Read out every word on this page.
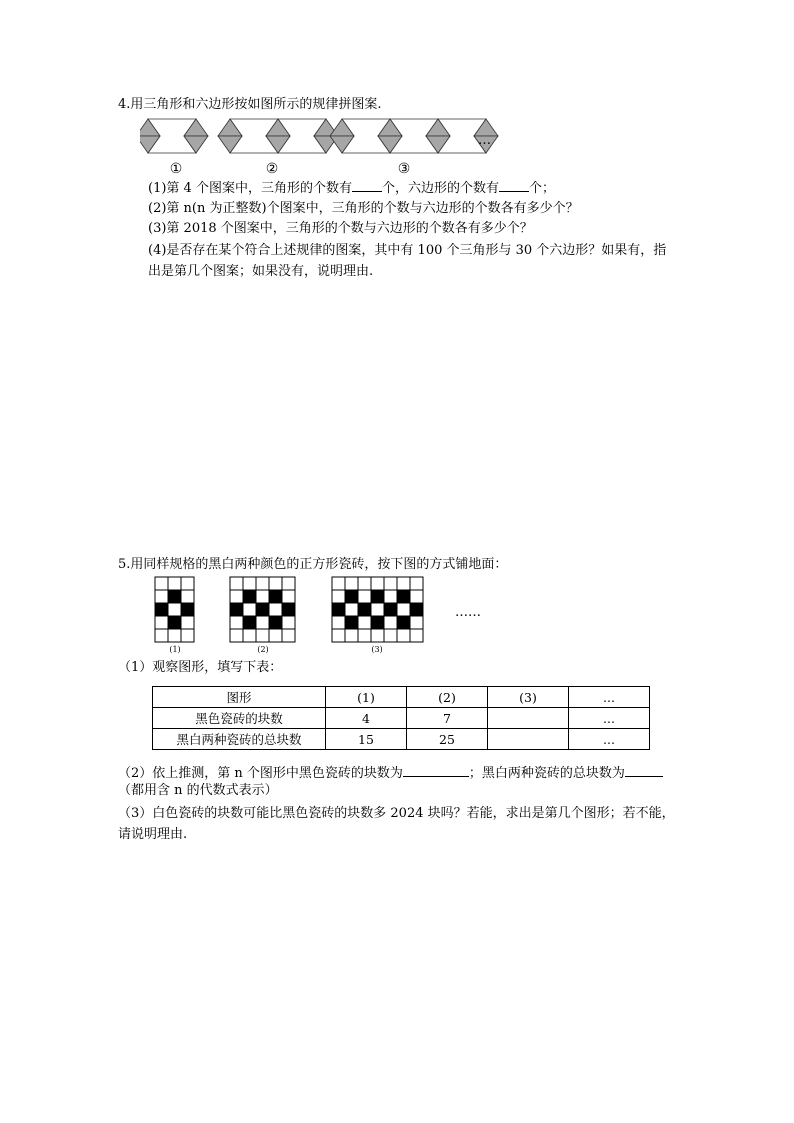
4.用三角形和六边形按如图所示的规律拼图案.
①	②	③
…
(1)第 4 个图案中，三角形的个数有 个，六边形的个数有 个；
(2)第 n(n 为正整数)个图案中，三角形的个数与六边形的个数各有多少个？
(3)第 2018 个图案中，三角形的个数与六边形的个数各有多少个？
(4)是否存在某个符合上述规律的图案，其中有 100 个三角形与 30 个六边形？如果有，指
出是第几个图案；如果没有，说明理由.
5.用同样规格的黑白两种颜色的正方形瓷砖，按下图的方式铺地面：
(1)	(2)	(3)
……
（1）观察图形，填写下表：
图形	(1)	(2)	(3)	...
黑色瓷砖的块数	4	7		...
黑白两种瓷砖的总块数	15	25		...
（2）依上推测，第 n 个图形中黑色瓷砖的块数为	；黑白两种瓷砖的总块数为
（都用含 n 的代数式表示）
（3）白色瓷砖的块数可能比黑色瓷砖的块数多 2024 块吗？若能，求出是第几个图形；若不能，
请说明理由.
